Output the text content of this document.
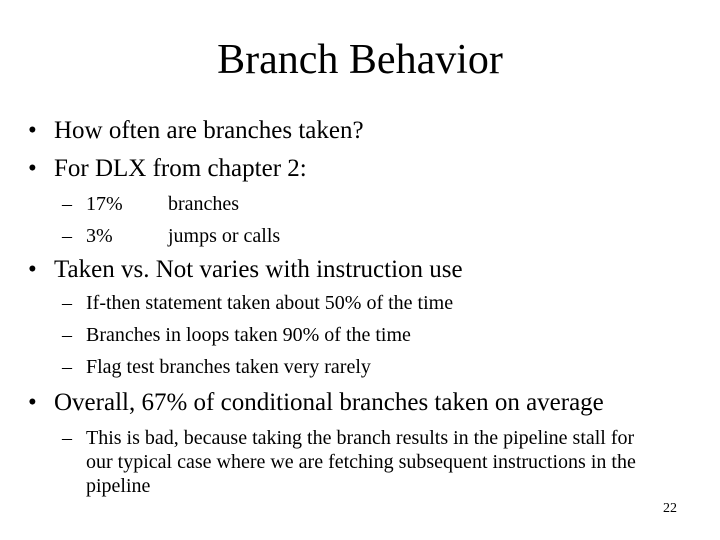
Branch Behavior
• How often are branches taken?
• For DLX from chapter 2:
– 17% branches
– 3%	jumps or calls
• Taken vs. Not varies with instruction use
– If-then statement taken about 50% of the time
– Branches in loops taken 90% of the time
– Flag test branches taken very rarely
• Overall, 67% of conditional branches taken on average
– This is bad, because taking the branch results in the pipeline stall for our typical case where we are fetching subsequent instructions in the pipeline
22
